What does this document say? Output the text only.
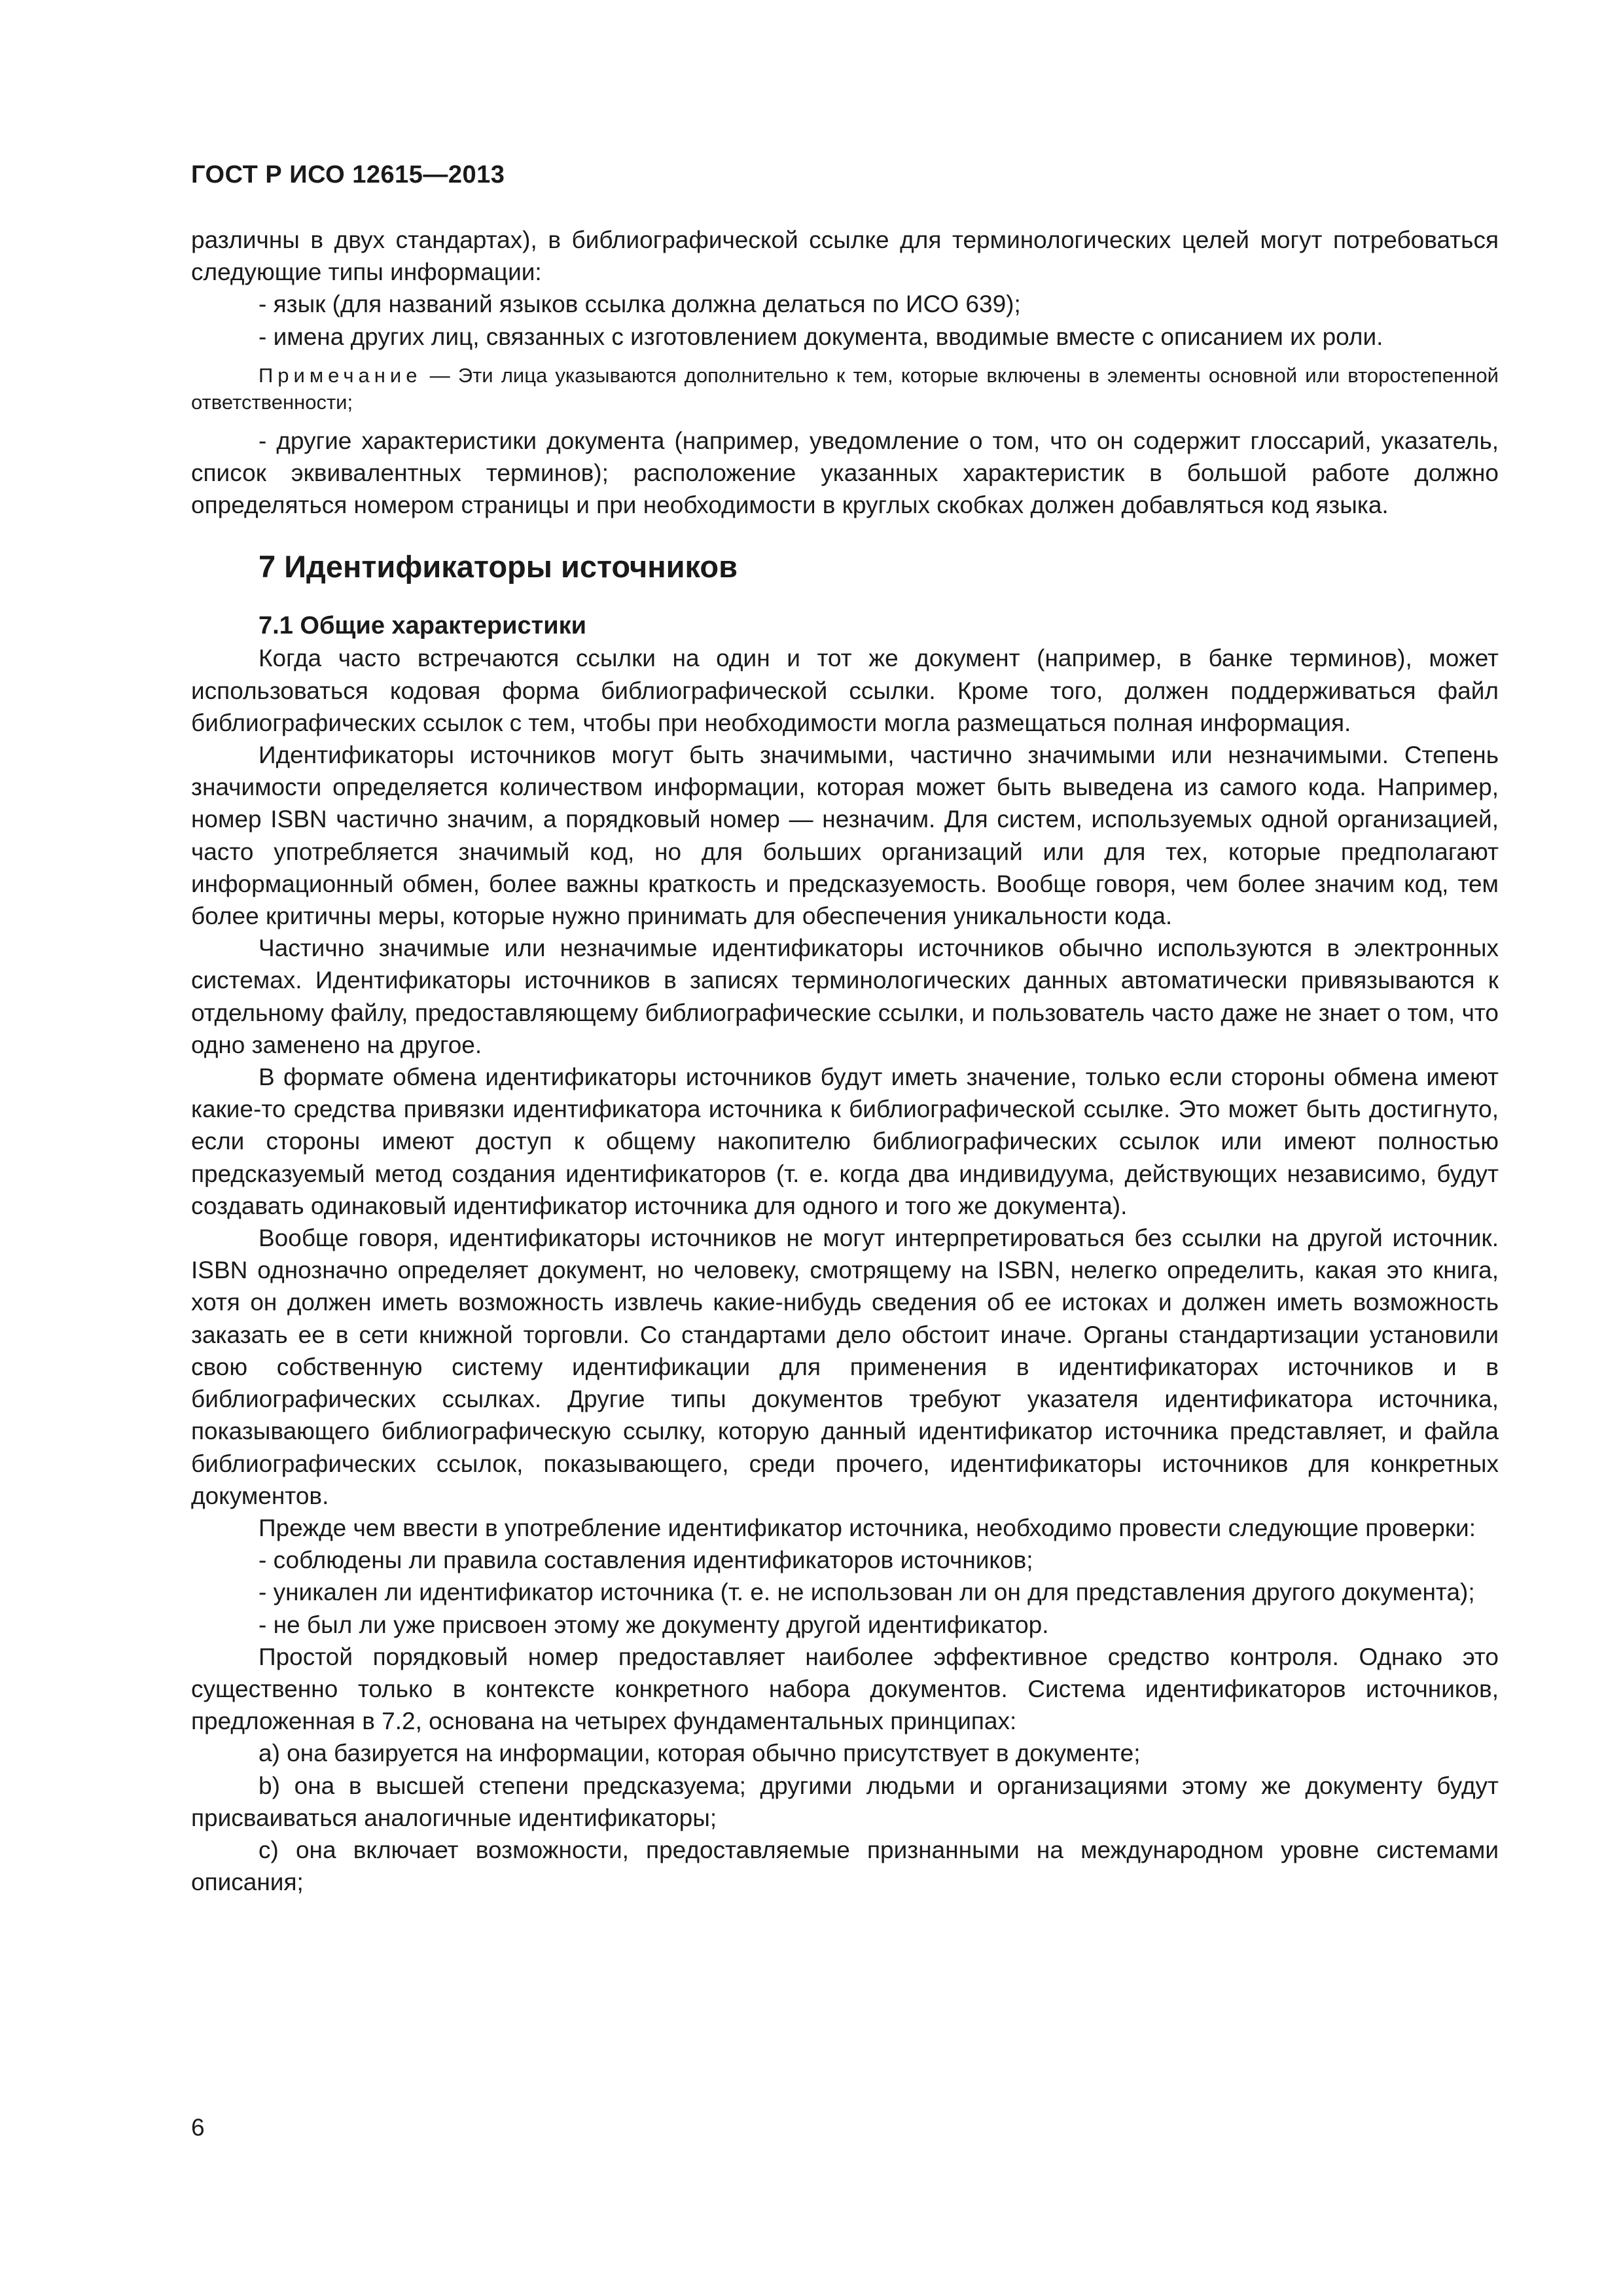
ГОСТ Р ИСО 12615—2013

различны в двух стандартах), в библиографической ссылке для терминологических целей могут потребоваться следующие типы информации:

- язык (для названий языков ссылка должна делаться по ИСО 639);

- имена других лиц, связанных с изготовлением документа, вводимые вместе с описанием их роли.

Примечание — Эти лица указываются дополнительно к тем, которые включены в элементы основной или второстепенной ответственности;

- другие характеристики документа (например, уведомление о том, что он содержит глоссарий, указатель, список эквивалентных терминов); расположение указанных характеристик в большой работе должно определяться номером страницы и при необходимости в круглых скобках должен добавляться код языка.

7 Идентификаторы источников

7.1 Общие характеристики

Когда часто встречаются ссылки на один и тот же документ (например, в банке терминов), может использоваться кодовая форма библиографической ссылки. Кроме того, должен поддерживаться файл библиографических ссылок с тем, чтобы при необходимости могла размещаться полная информация.

Идентификаторы источников могут быть значимыми, частично значимыми или незначимыми. Степень значимости определяется количеством информации, которая может быть выведена из самого кода. Например, номер ISBN частично значим, а порядковый номер — незначим. Для систем, используемых одной организацией, часто употребляется значимый код, но для больших организаций или для тех, которые предполагают информационный обмен, более важны краткость и предсказуемость. Вообще говоря, чем более значим код, тем более критичны меры, которые нужно принимать для обеспечения уникальности кода.

Частично значимые или незначимые идентификаторы источников обычно используются в электронных системах. Идентификаторы источников в записях терминологических данных автоматически привязываются к отдельному файлу, предоставляющему библиографические ссылки, и пользователь часто даже не знает о том, что одно заменено на другое.

В формате обмена идентификаторы источников будут иметь значение, только если стороны обмена имеют какие-то средства привязки идентификатора источника к библиографической ссылке. Это может быть достигнуто, если стороны имеют доступ к общему накопителю библиографических ссылок или имеют полностью предсказуемый метод создания идентификаторов (т. е. когда два индивидуума, действующих независимо, будут создавать одинаковый идентификатор источника для одного и того же документа).

Вообще говоря, идентификаторы источников не могут интерпретироваться без ссылки на другой источник. ISBN однозначно определяет документ, но человеку, смотрящему на ISBN, нелегко определить, какая это книга, хотя он должен иметь возможность извлечь какие-нибудь сведения об ее истоках и должен иметь возможность заказать ее в сети книжной торговли. Со стандартами дело обстоит иначе. Органы стандартизации установили свою собственную систему идентификации для применения в идентификаторах источников и в библиографических ссылках. Другие типы документов требуют указателя идентификатора источника, показывающего библиографическую ссылку, которую данный идентификатор источника представляет, и файла библиографических ссылок, показывающего, среди прочего, идентификаторы источников для конкретных документов.

Прежде чем ввести в употребление идентификатор источника, необходимо провести следующие проверки:

- соблюдены ли правила составления идентификаторов источников;

- уникален ли идентификатор источника (т. е. не использован ли он для представления другого документа);

- не был ли уже присвоен этому же документу другой идентификатор.

Простой порядковый номер предоставляет наиболее эффективное средство контроля. Однако это существенно только в контексте конкретного набора документов. Система идентификаторов источников, предложенная в 7.2, основана на четырех фундаментальных принципах:

a) она базируется на информации, которая обычно присутствует в документе;

b) она в высшей степени предсказуема; другими людьми и организациями этому же документу будут присваиваться аналогичные идентификаторы;

c) она включает возможности, предоставляемые признанными на международном уровне системами описания;

6
